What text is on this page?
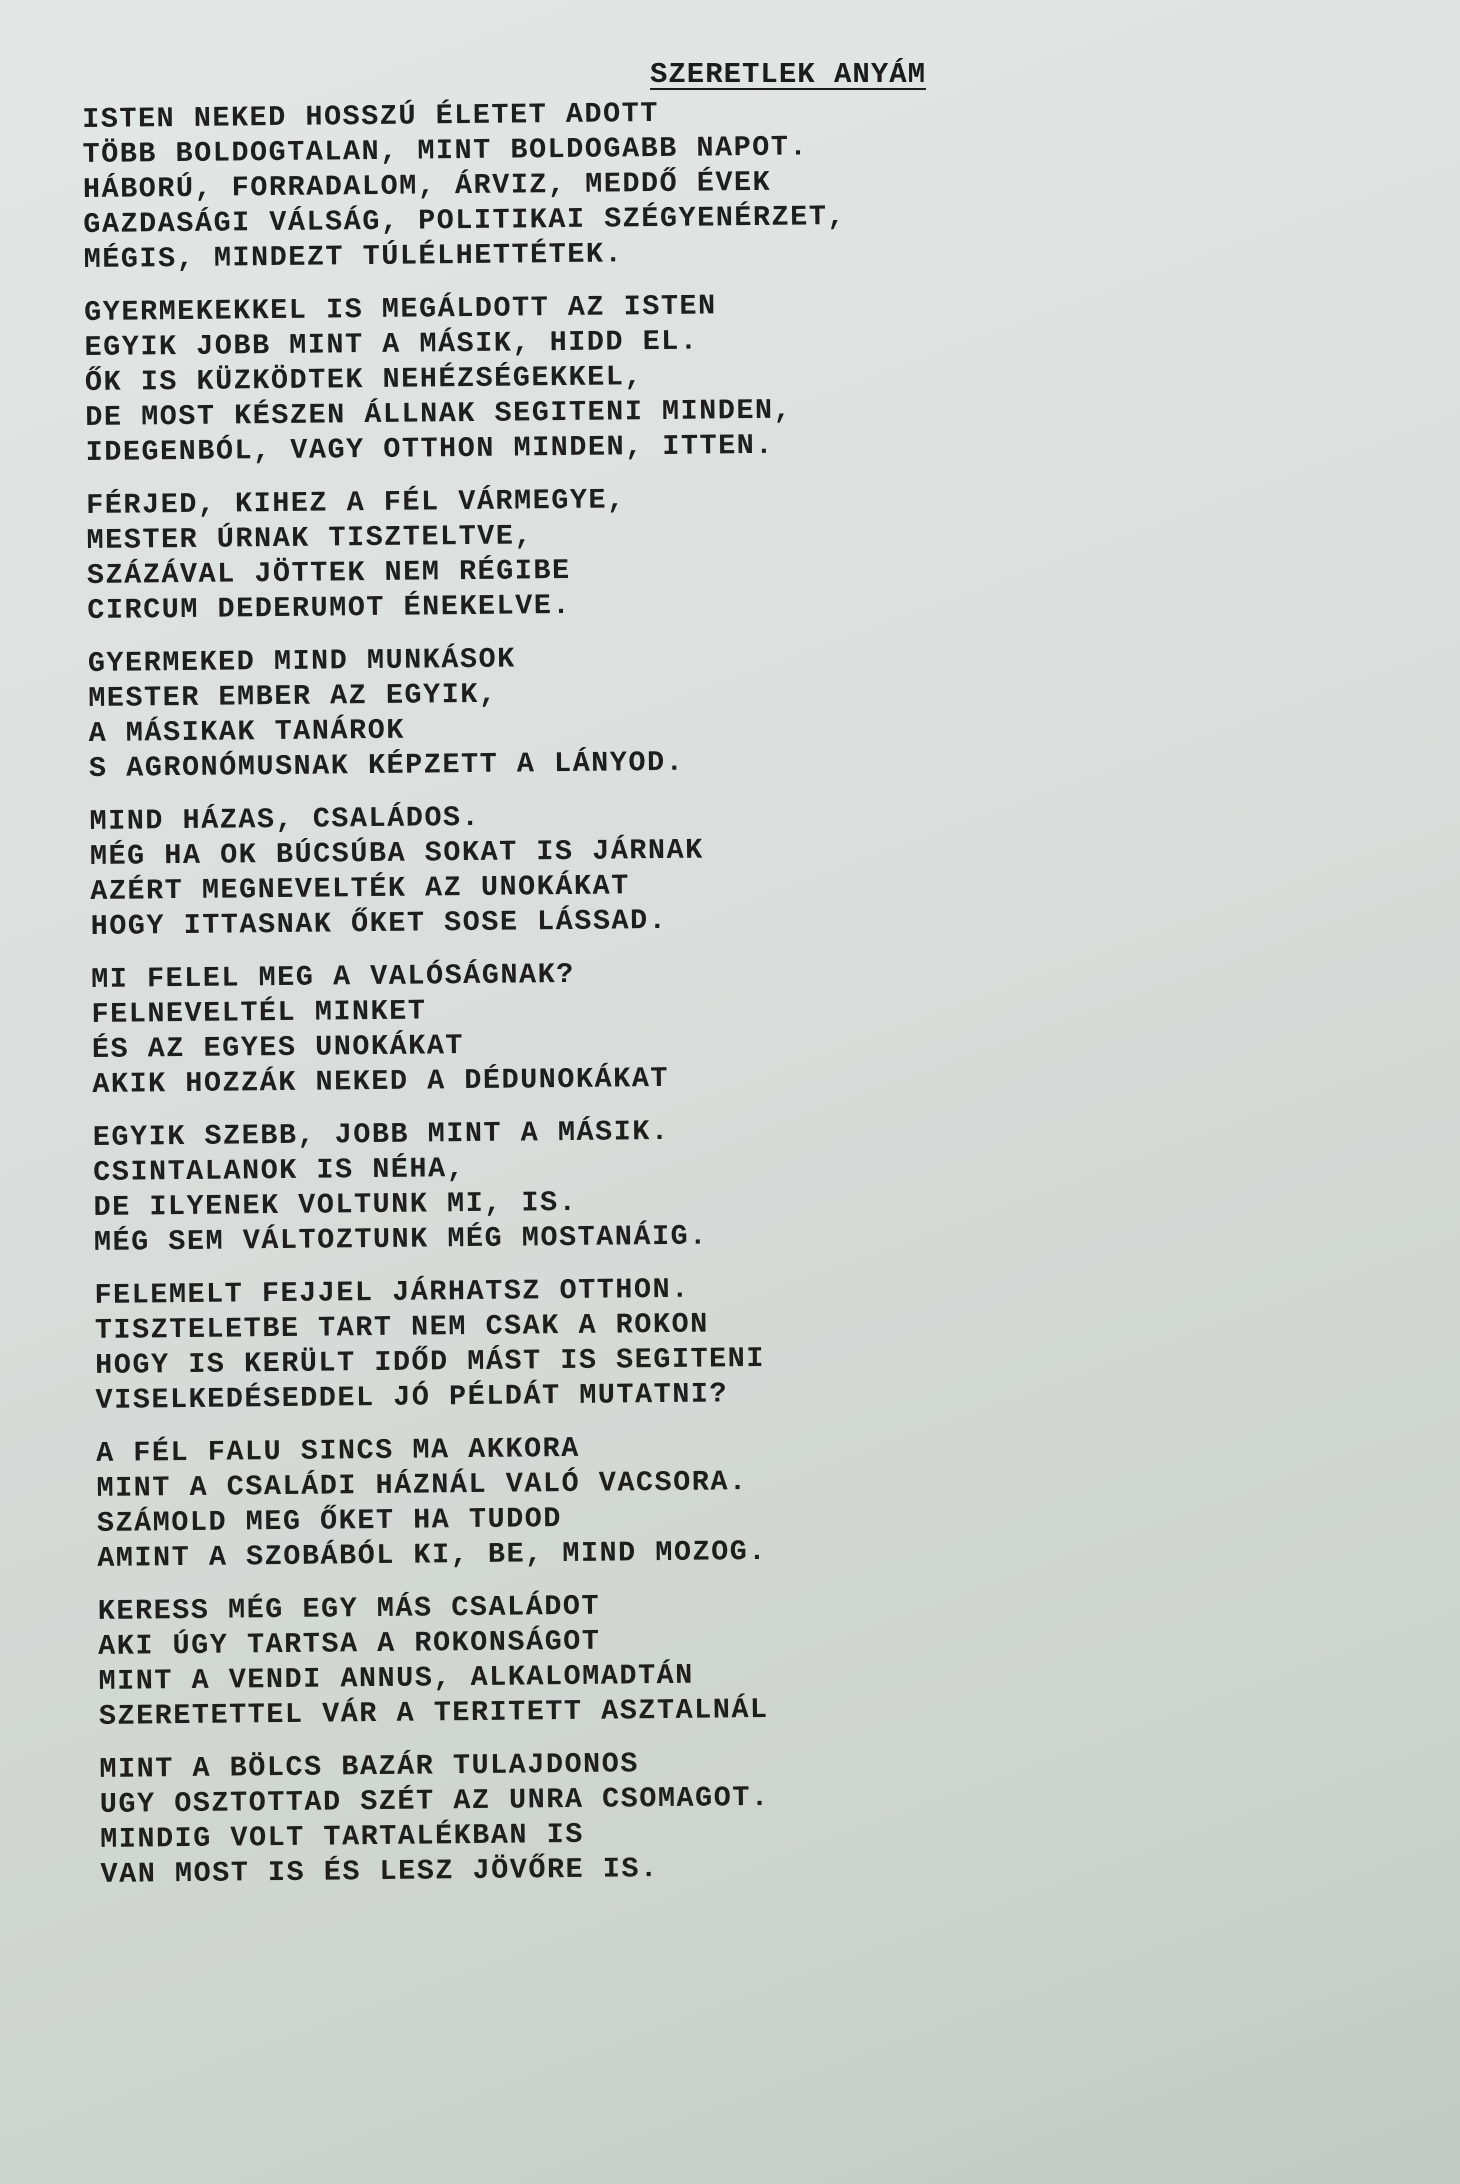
SZERETLEK ANYÁM
ISTEN NEKED HOSSZÚ ÉLETET ADOTT
TÖBB BOLDOGTALAN, MINT BOLDOGABB NAPOT.
HÁBORÚ, FORRADALOM, ÁRVIZ, MEDDŐ ÉVEK
GAZDASÁGI VÁLSÁG, POLITIKAI SZÉGYENÉRZET,
MÉGIS, MINDEZT TÚLÉLHETTÉTEK.
GYERMEKEKKEL IS MEGÁLDOTT AZ ISTEN
EGYIK JOBB MINT A MÁSIK, HIDD EL.
ŐK IS KÜZKÖDTEK NEHÉZSÉGEKKEL,
DE MOST KÉSZEN ÁLLNAK SEGITENI MINDEN,
IDEGENBÓL, VAGY OTTHON MINDEN, ITTEN.
FÉRJED, KIHEZ A FÉL VÁRMEGYE,
MESTER ÚRNAK TISZTELTVE,
SZÁZÁVAL JÖTTEK NEM RÉGIBE
CIRCUM DEDERUMOT ÉNEKELVE.
GYERMEKED MIND MUNKÁSOK
MESTER EMBER AZ EGYIK,
A MÁSIKAK TANÁROK
S AGRONÓMUSNAK KÉPZETT A LÁNYOD.
MIND HÁZAS, CSALÁDOS.
MÉG HA OK BÚCSÚBA SOKAT IS JÁRNAK
AZÉRT MEGNEVELTÉK AZ UNOKÁKAT
HOGY ITTASNAK ŐKET SOSE LÁSSAD.
MI FELEL MEG A VALÓSÁGNAK?
FELNEVELTÉL MINKET
ÉS AZ EGYES UNOKÁKAT
AKIK HOZZÁK NEKED A DÉDUNOKÁKAT
EGYIK SZEBB, JOBB MINT A MÁSIK.
CSINTALANOK IS NÉHA,
DE ILYENEK VOLTUNK MI, IS.
MÉG SEM VÁLTOZTUNK MÉG MOSTANÁIG.
FELEMELT FEJJEL JÁRHATSZ OTTHON.
TISZTELETBE TART NEM CSAK A ROKON
HOGY IS KERÜLT IDŐD MÁST IS SEGITENI
VISELKEDÉSEDDEL JÓ PÉLDÁT MUTATNI?
A FÉL FALU SINCS MA AKKORA
MINT A CSALÁDI HÁZNÁL VALÓ VACSORA.
SZÁMOLD MEG ŐKET HA TUDOD
AMINT A SZOBÁBÓL KI, BE, MIND MOZOG.
KERESS MÉG EGY MÁS CSALÁDOT
AKI ÚGY TARTSA A ROKONSÁGOT
MINT A VENDI ANNUS, ALKALOMADTÁN
SZERETETTEL VÁR A TERITETT ASZTALNÁL
MINT A BÖLCS BAZÁR TULAJDONOS
UGY OSZTOTTAD SZÉT AZ UNRA CSOMAGOT.
MINDIG VOLT TARTALÉKBAN IS
VAN MOST IS ÉS LESZ JÖVŐRE IS.
